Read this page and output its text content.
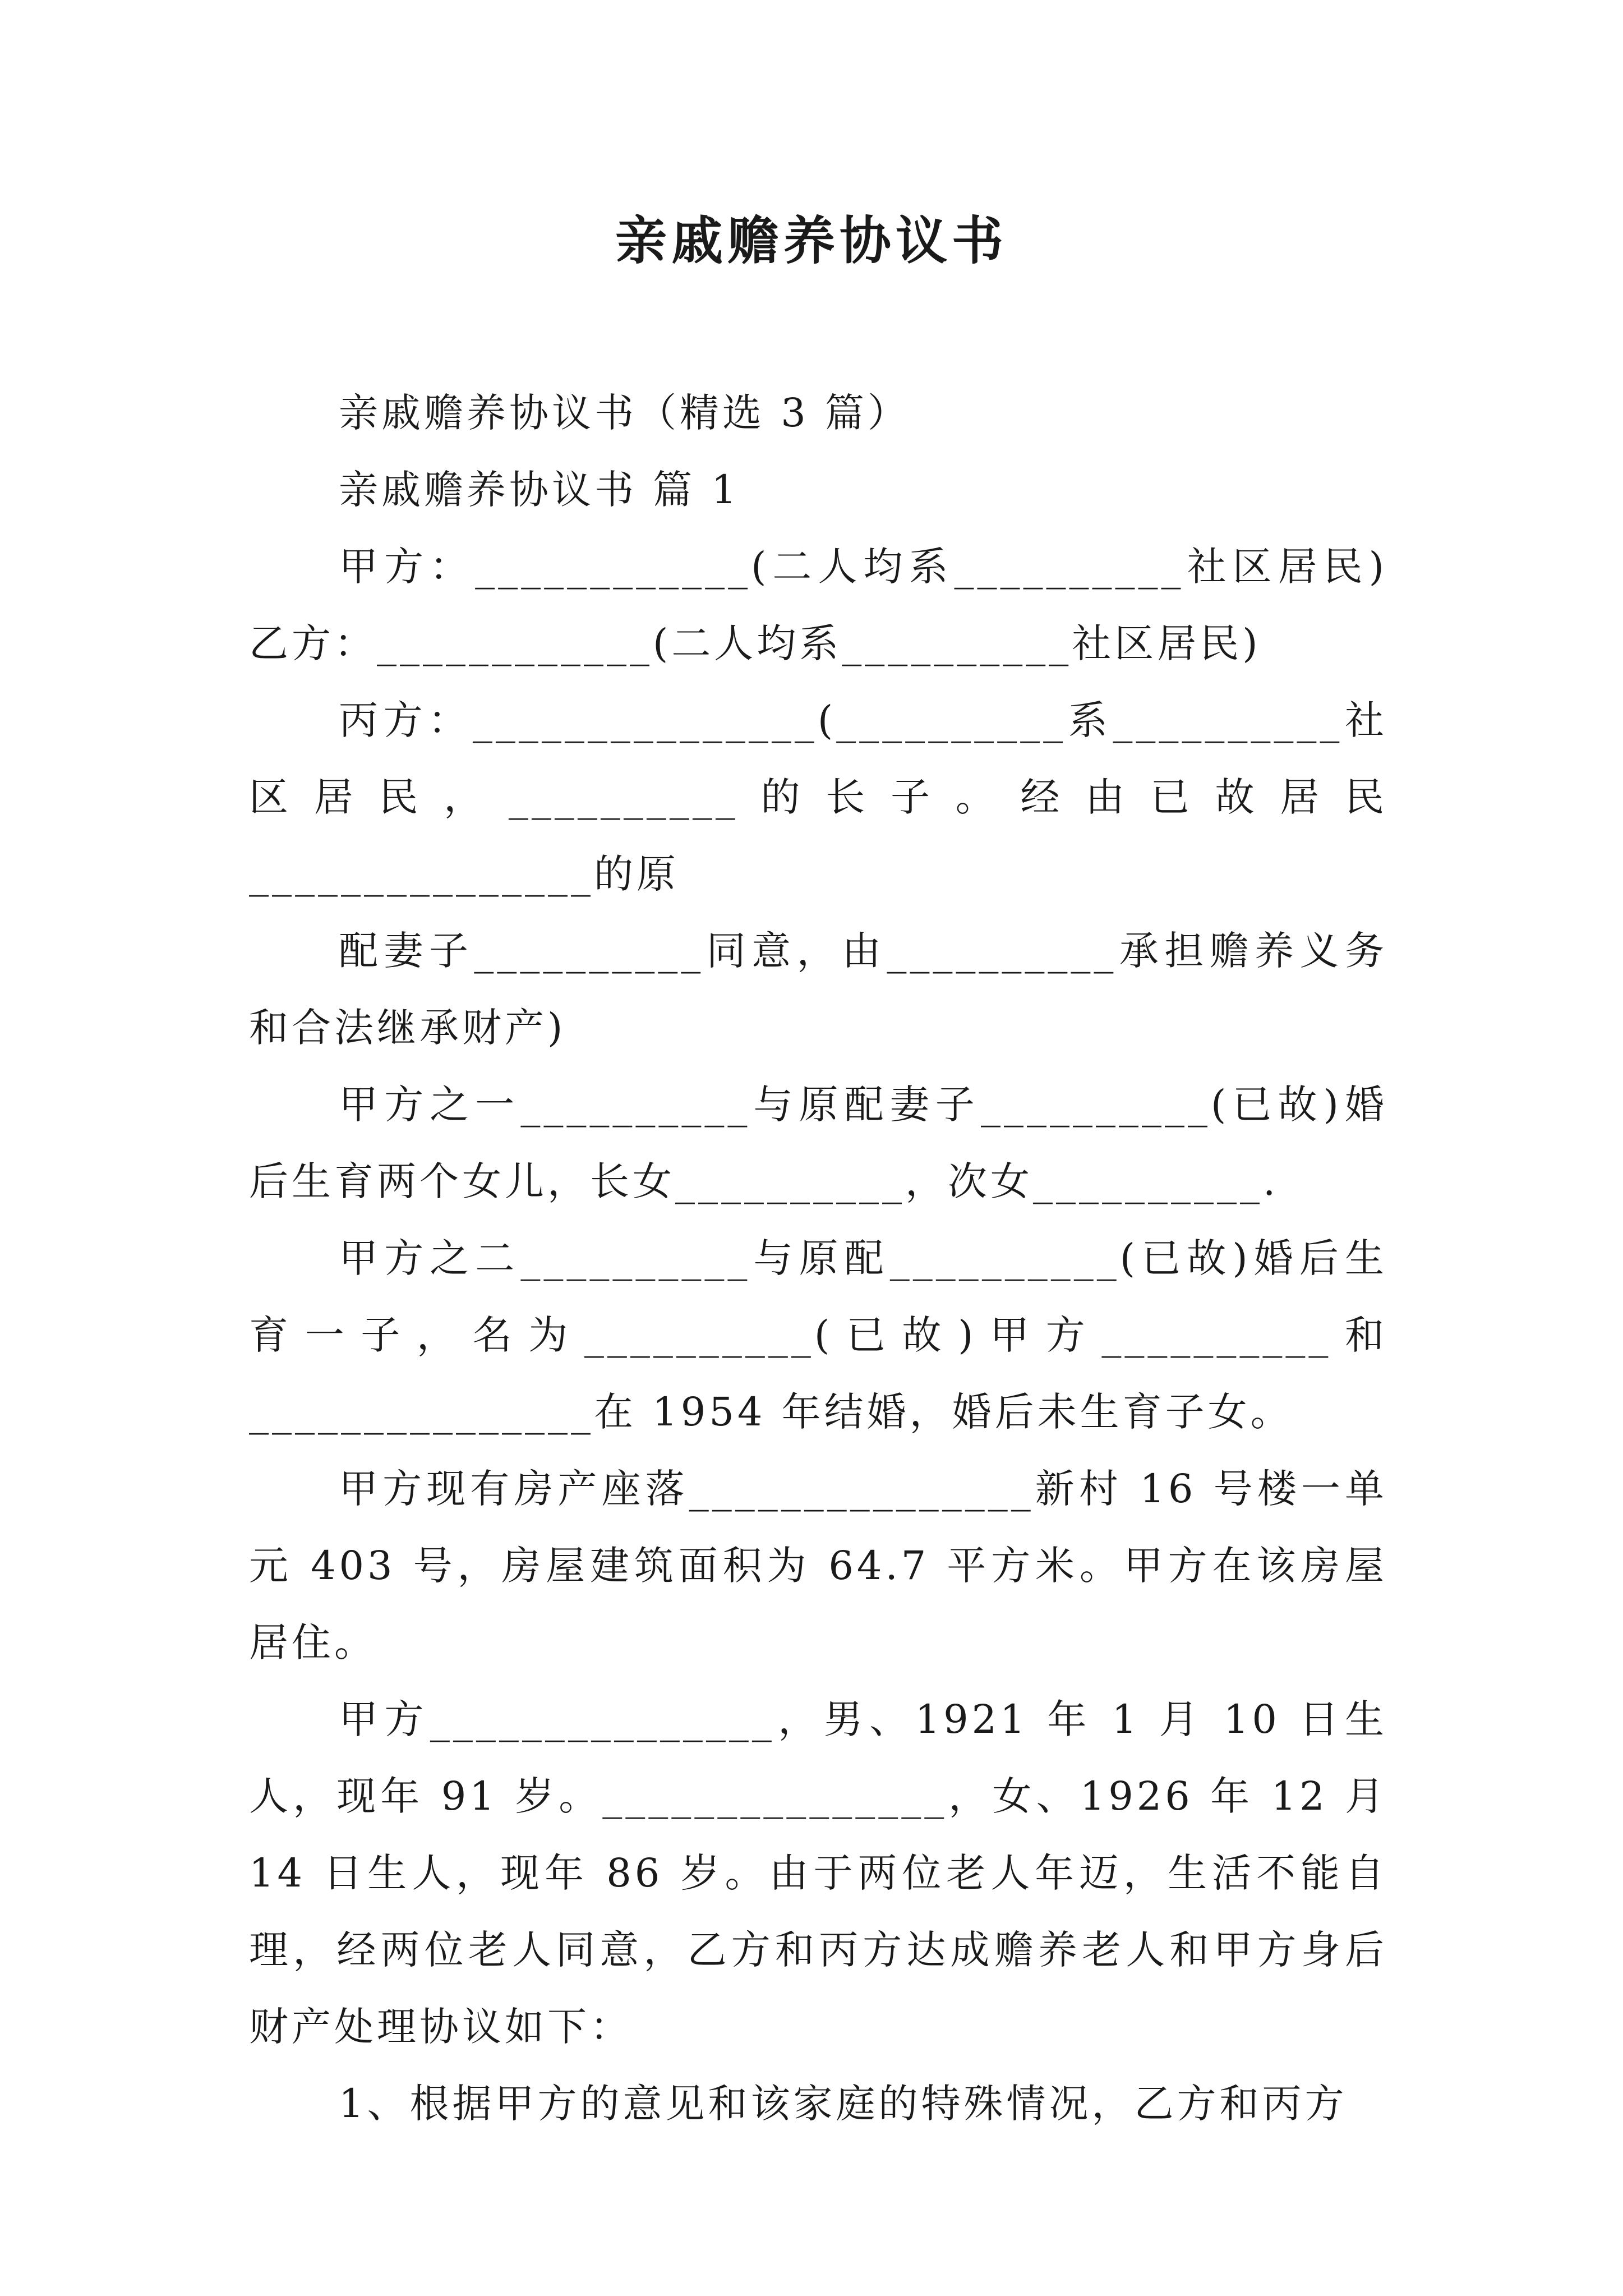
亲戚赡养协议书

亲戚赡养协议书（精选 3 篇）

亲戚赡养协议书 篇 1

甲方：____________(二人均系__________社区居民)乙方：____________(二人均系__________社区居民)

丙方：_______________(__________系__________社区居民，__________的长子。经由已故居民_______________的原

配妻子__________同意，由__________承担赡养义务和合法继承财产)

甲方之一__________与原配妻子__________(已故)婚后生育两个女儿，长女__________，次女__________.

甲方之二__________与原配__________(已故)婚后生育一子，名为__________(已故)甲方__________和_______________在 1954 年结婚，婚后未生育子女。

甲方现有房产座落_______________新村 16 号楼一单元 403 号，房屋建筑面积为 64.7 平方米。甲方在该房屋居住。

甲方_______________，男、1921 年 1 月 10 日生人，现年 91 岁。_______________，女、1926 年 12 月 14 日生人，现年 86 岁。由于两位老人年迈，生活不能自理，经两位老人同意，乙方和丙方达成赡养老人和甲方身后财产处理协议如下：

1、根据甲方的意见和该家庭的特殊情况，乙方和丙方
